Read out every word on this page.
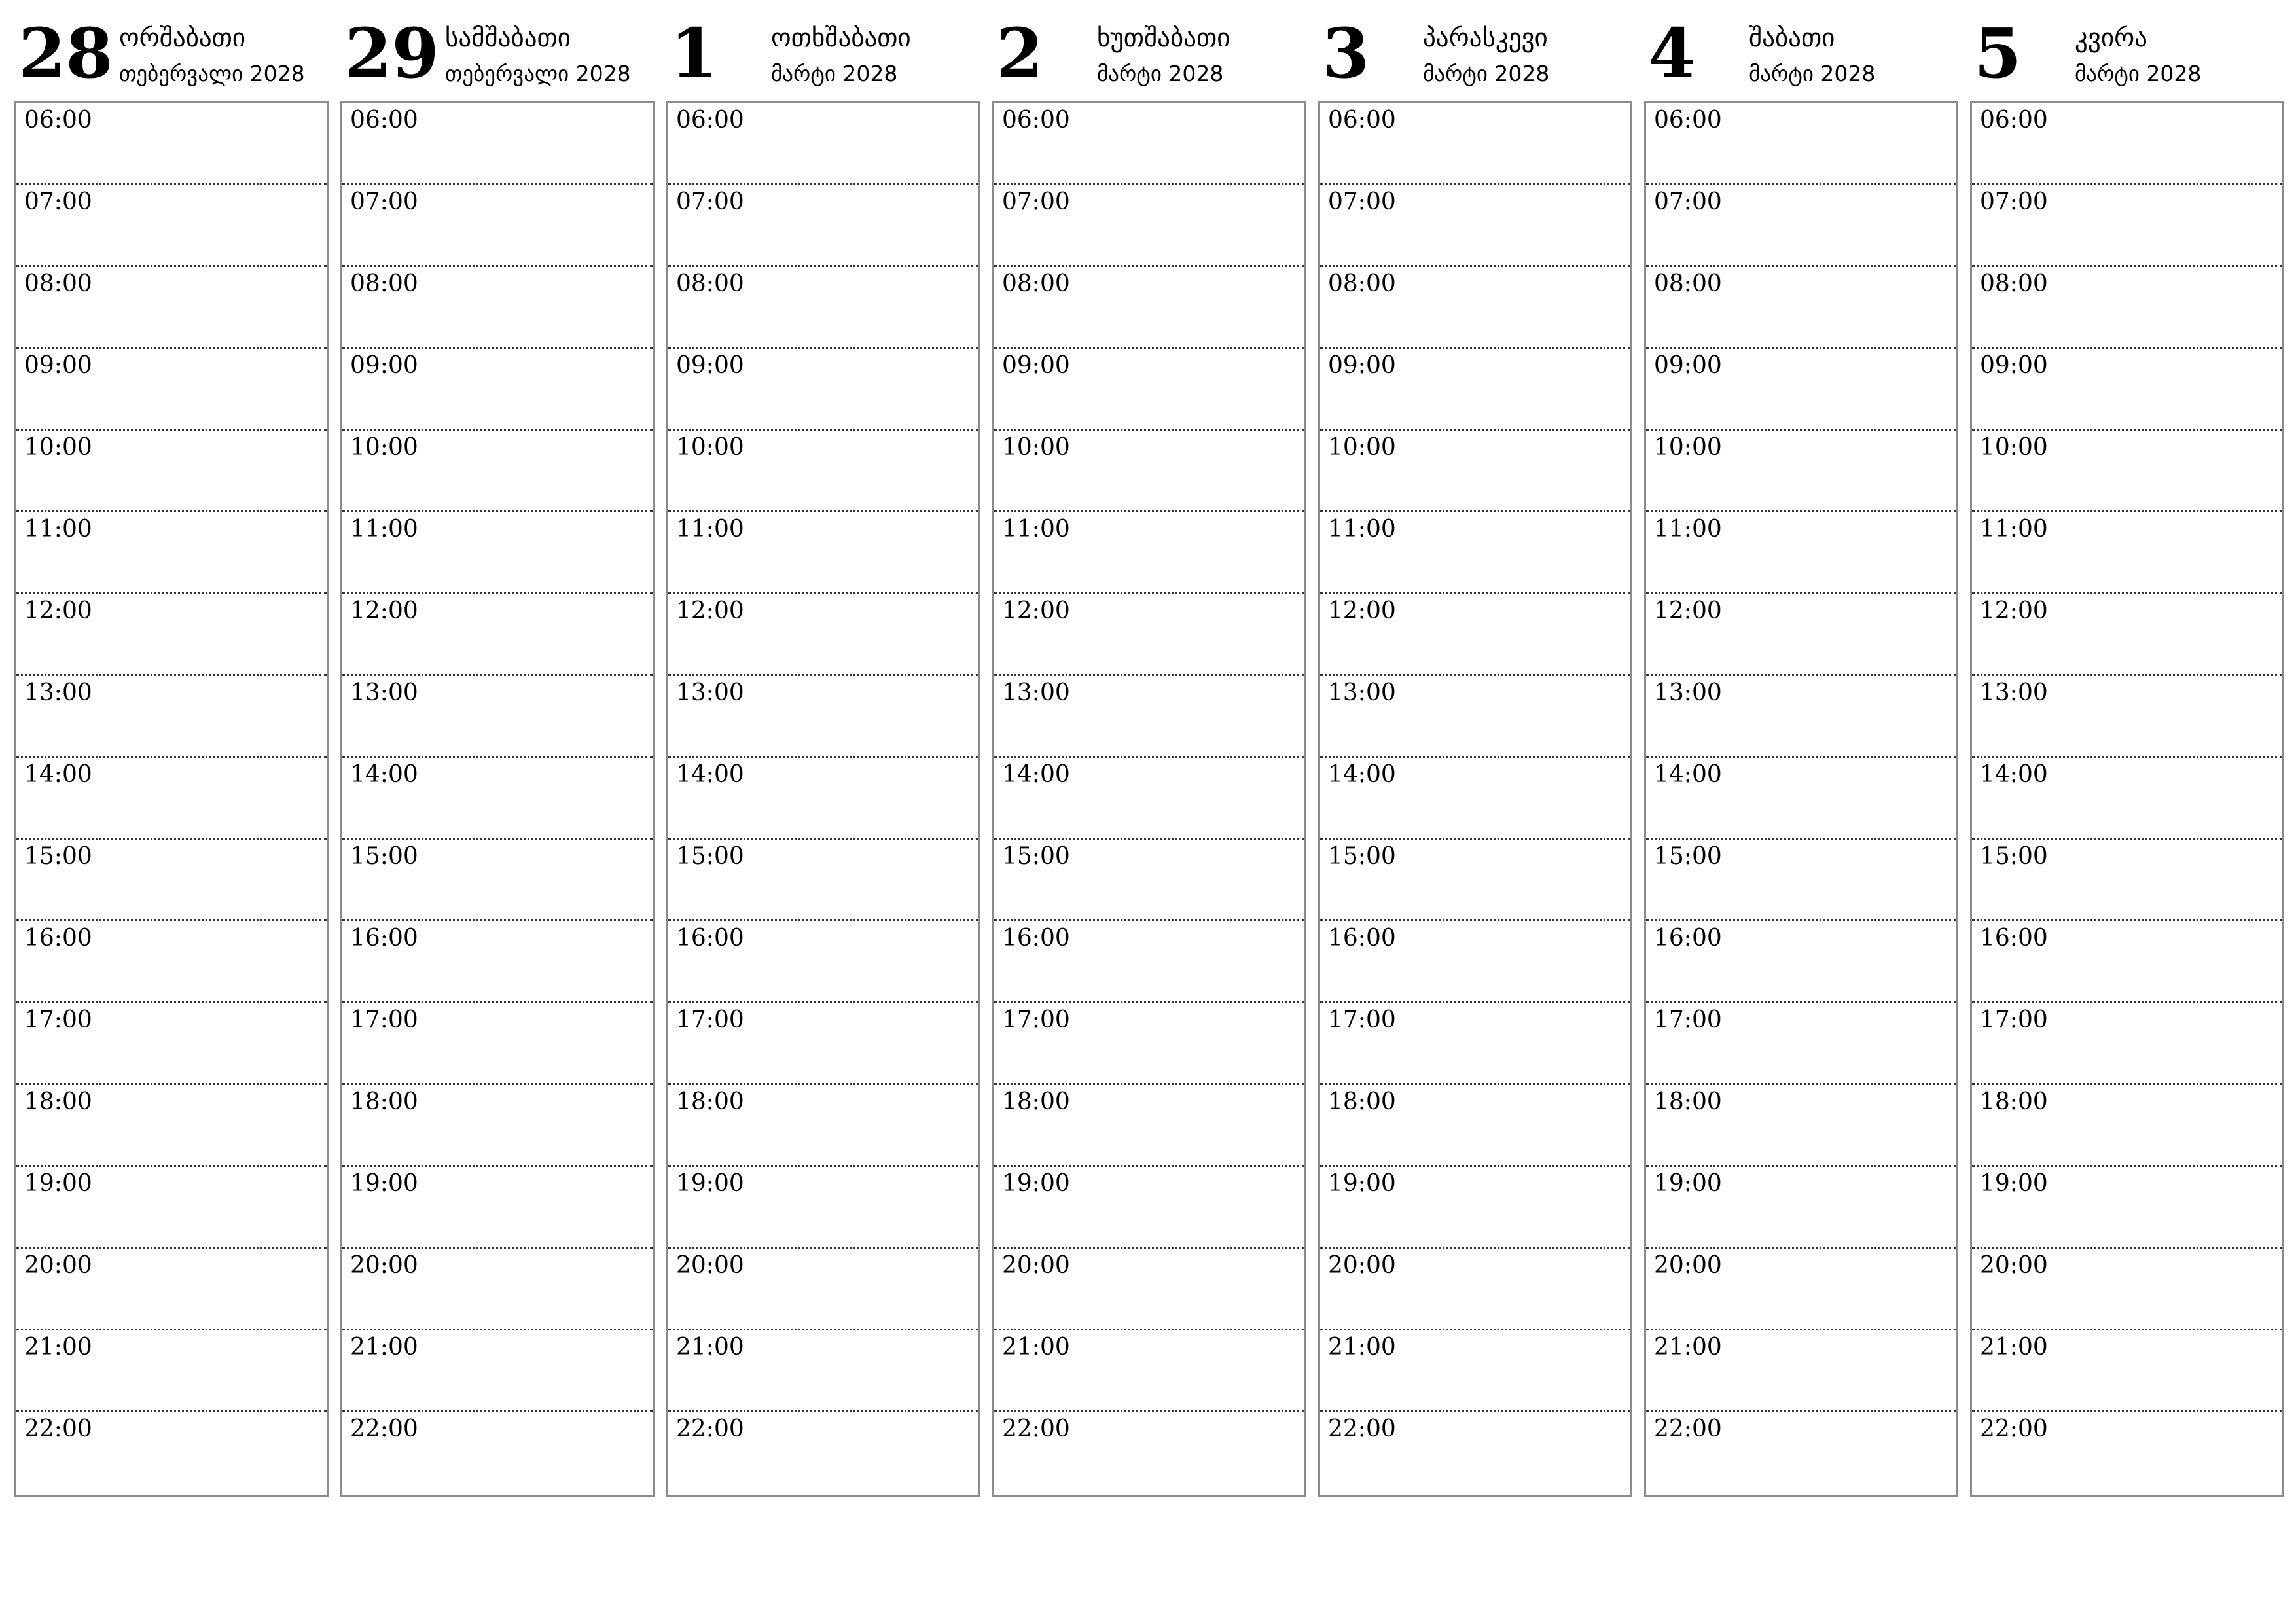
28 ორშაბათი
თებერვალი 2028
06:00
07:00
08:00
09:00
10:00
11:00
12:00
13:00
14:00
15:00
16:00
17:00
18:00
19:00
20:00
21:00
22:00
29 სამშაბათი
თებერვალი 2028
06:00
07:00
08:00
09:00
10:00
11:00
12:00
13:00
14:00
15:00
16:00
17:00
18:00
19:00
20:00
21:00
22:00
1 ოთხშაბათი
მარტი 2028
06:00
07:00
08:00
09:00
10:00
11:00
12:00
13:00
14:00
15:00
16:00
17:00
18:00
19:00
20:00
21:00
22:00
2 ხუთშაბათი
მარტი 2028
06:00
07:00
08:00
09:00
10:00
11:00
12:00
13:00
14:00
15:00
16:00
17:00
18:00
19:00
20:00
21:00
22:00
3 პარასკევი
მარტი 2028
06:00
07:00
08:00
09:00
10:00
11:00
12:00
13:00
14:00
15:00
16:00
17:00
18:00
19:00
20:00
21:00
22:00
4 შაბათი
მარტი 2028
06:00
07:00
08:00
09:00
10:00
11:00
12:00
13:00
14:00
15:00
16:00
17:00
18:00
19:00
20:00
21:00
22:00
5 კვირა
მარტი 2028
06:00
07:00
08:00
09:00
10:00
11:00
12:00
13:00
14:00
15:00
16:00
17:00
18:00
19:00
20:00
21:00
22:00
